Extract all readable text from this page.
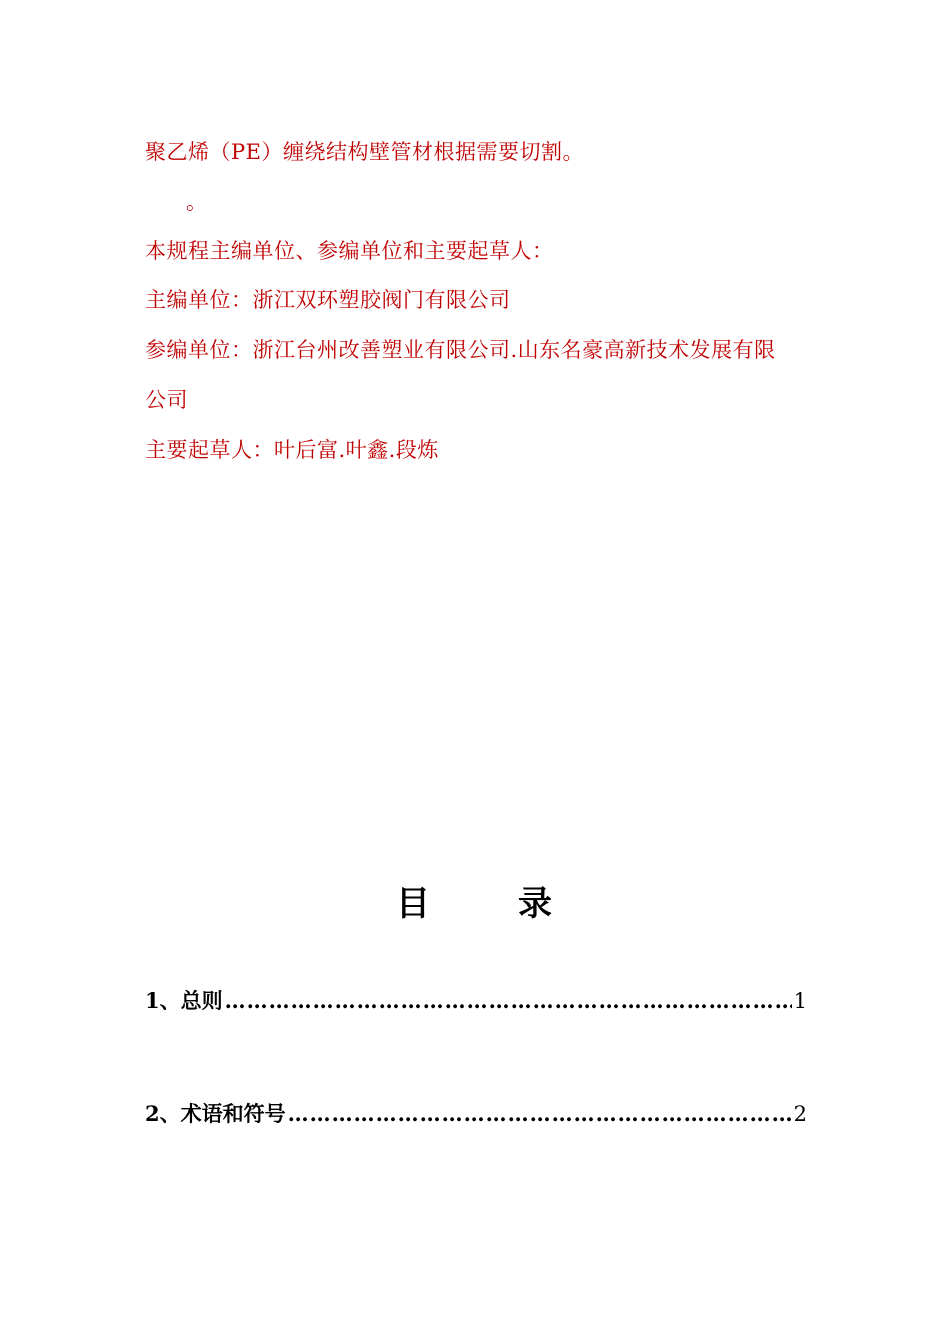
聚乙烯（PE）缠绕结构壁管材根据需要切割。
。
本规程主编单位、参编单位和主要起草人：
主编单位：浙江双环塑胶阀门有限公司
参编单位：浙江台州改善塑业有限公司.山东名豪高新技术发展有限
公司
主要起草人：叶后富.叶鑫.段炼
目	录
1、总则 ……………………………………………………………………………………………………………………	1
2、术语和符号 ……………………………………………………………………………………………………………………	2
